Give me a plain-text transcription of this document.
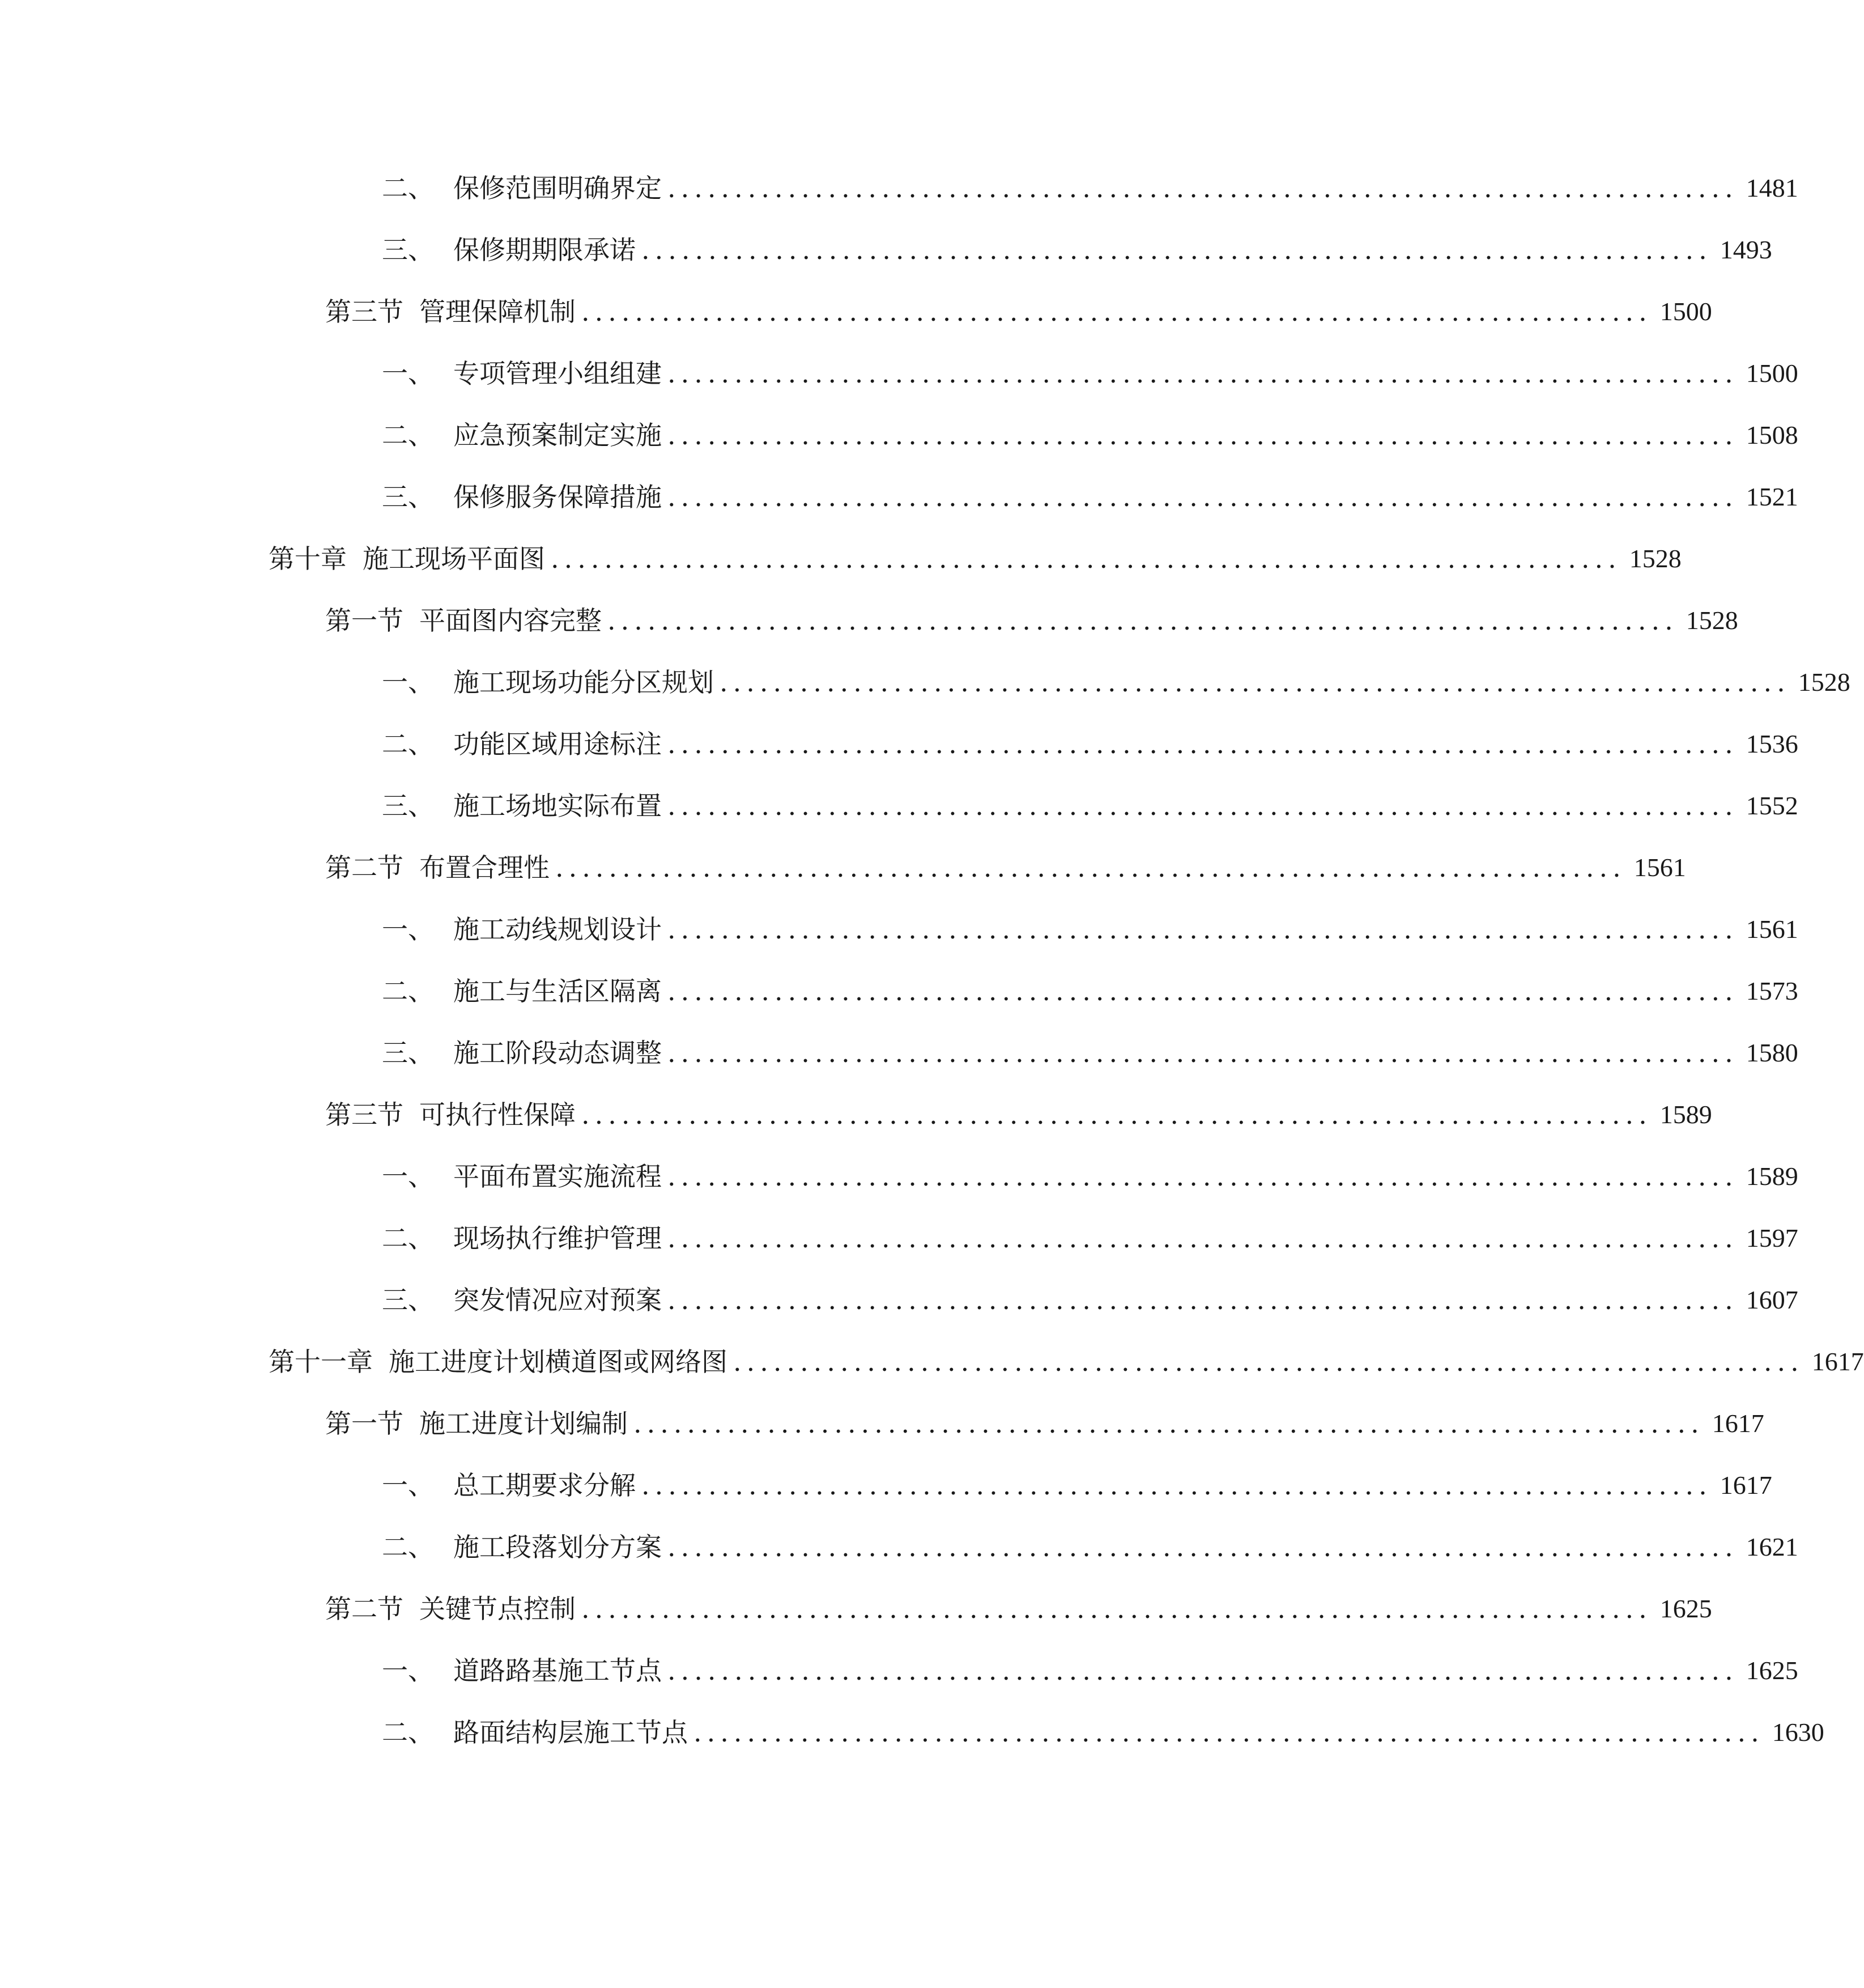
二、 保修范围明确界定 ................................................................................ 1481
三、 保修期期限承诺 ................................................................................ 1493
第三节 管理保障机制 ................................................................................ 1500
一、 专项管理小组组建 ................................................................................ 1500
二、 应急预案制定实施 ................................................................................ 1508
三、 保修服务保障措施 ................................................................................ 1521
第十章 施工现场平面图 ................................................................................ 1528
第一节 平面图内容完整 ................................................................................ 1528
一、 施工现场功能分区规划 ................................................................................ 1528
二、 功能区域用途标注 ................................................................................ 1536
三、 施工场地实际布置 ................................................................................ 1552
第二节 布置合理性 ................................................................................ 1561
一、 施工动线规划设计 ................................................................................ 1561
二、 施工与生活区隔离 ................................................................................ 1573
三、 施工阶段动态调整 ................................................................................ 1580
第三节 可执行性保障 ................................................................................ 1589
一、 平面布置实施流程 ................................................................................ 1589
二、 现场执行维护管理 ................................................................................ 1597
三、 突发情况应对预案 ................................................................................ 1607
第十一章 施工进度计划横道图或网络图 ................................................................................ 1617
第一节 施工进度计划编制 ................................................................................ 1617
一、 总工期要求分解 ................................................................................ 1617
二、 施工段落划分方案 ................................................................................ 1621
第二节 关键节点控制 ................................................................................ 1625
一、 道路路基施工节点 ................................................................................ 1625
二、 路面结构层施工节点 ................................................................................ 1630
